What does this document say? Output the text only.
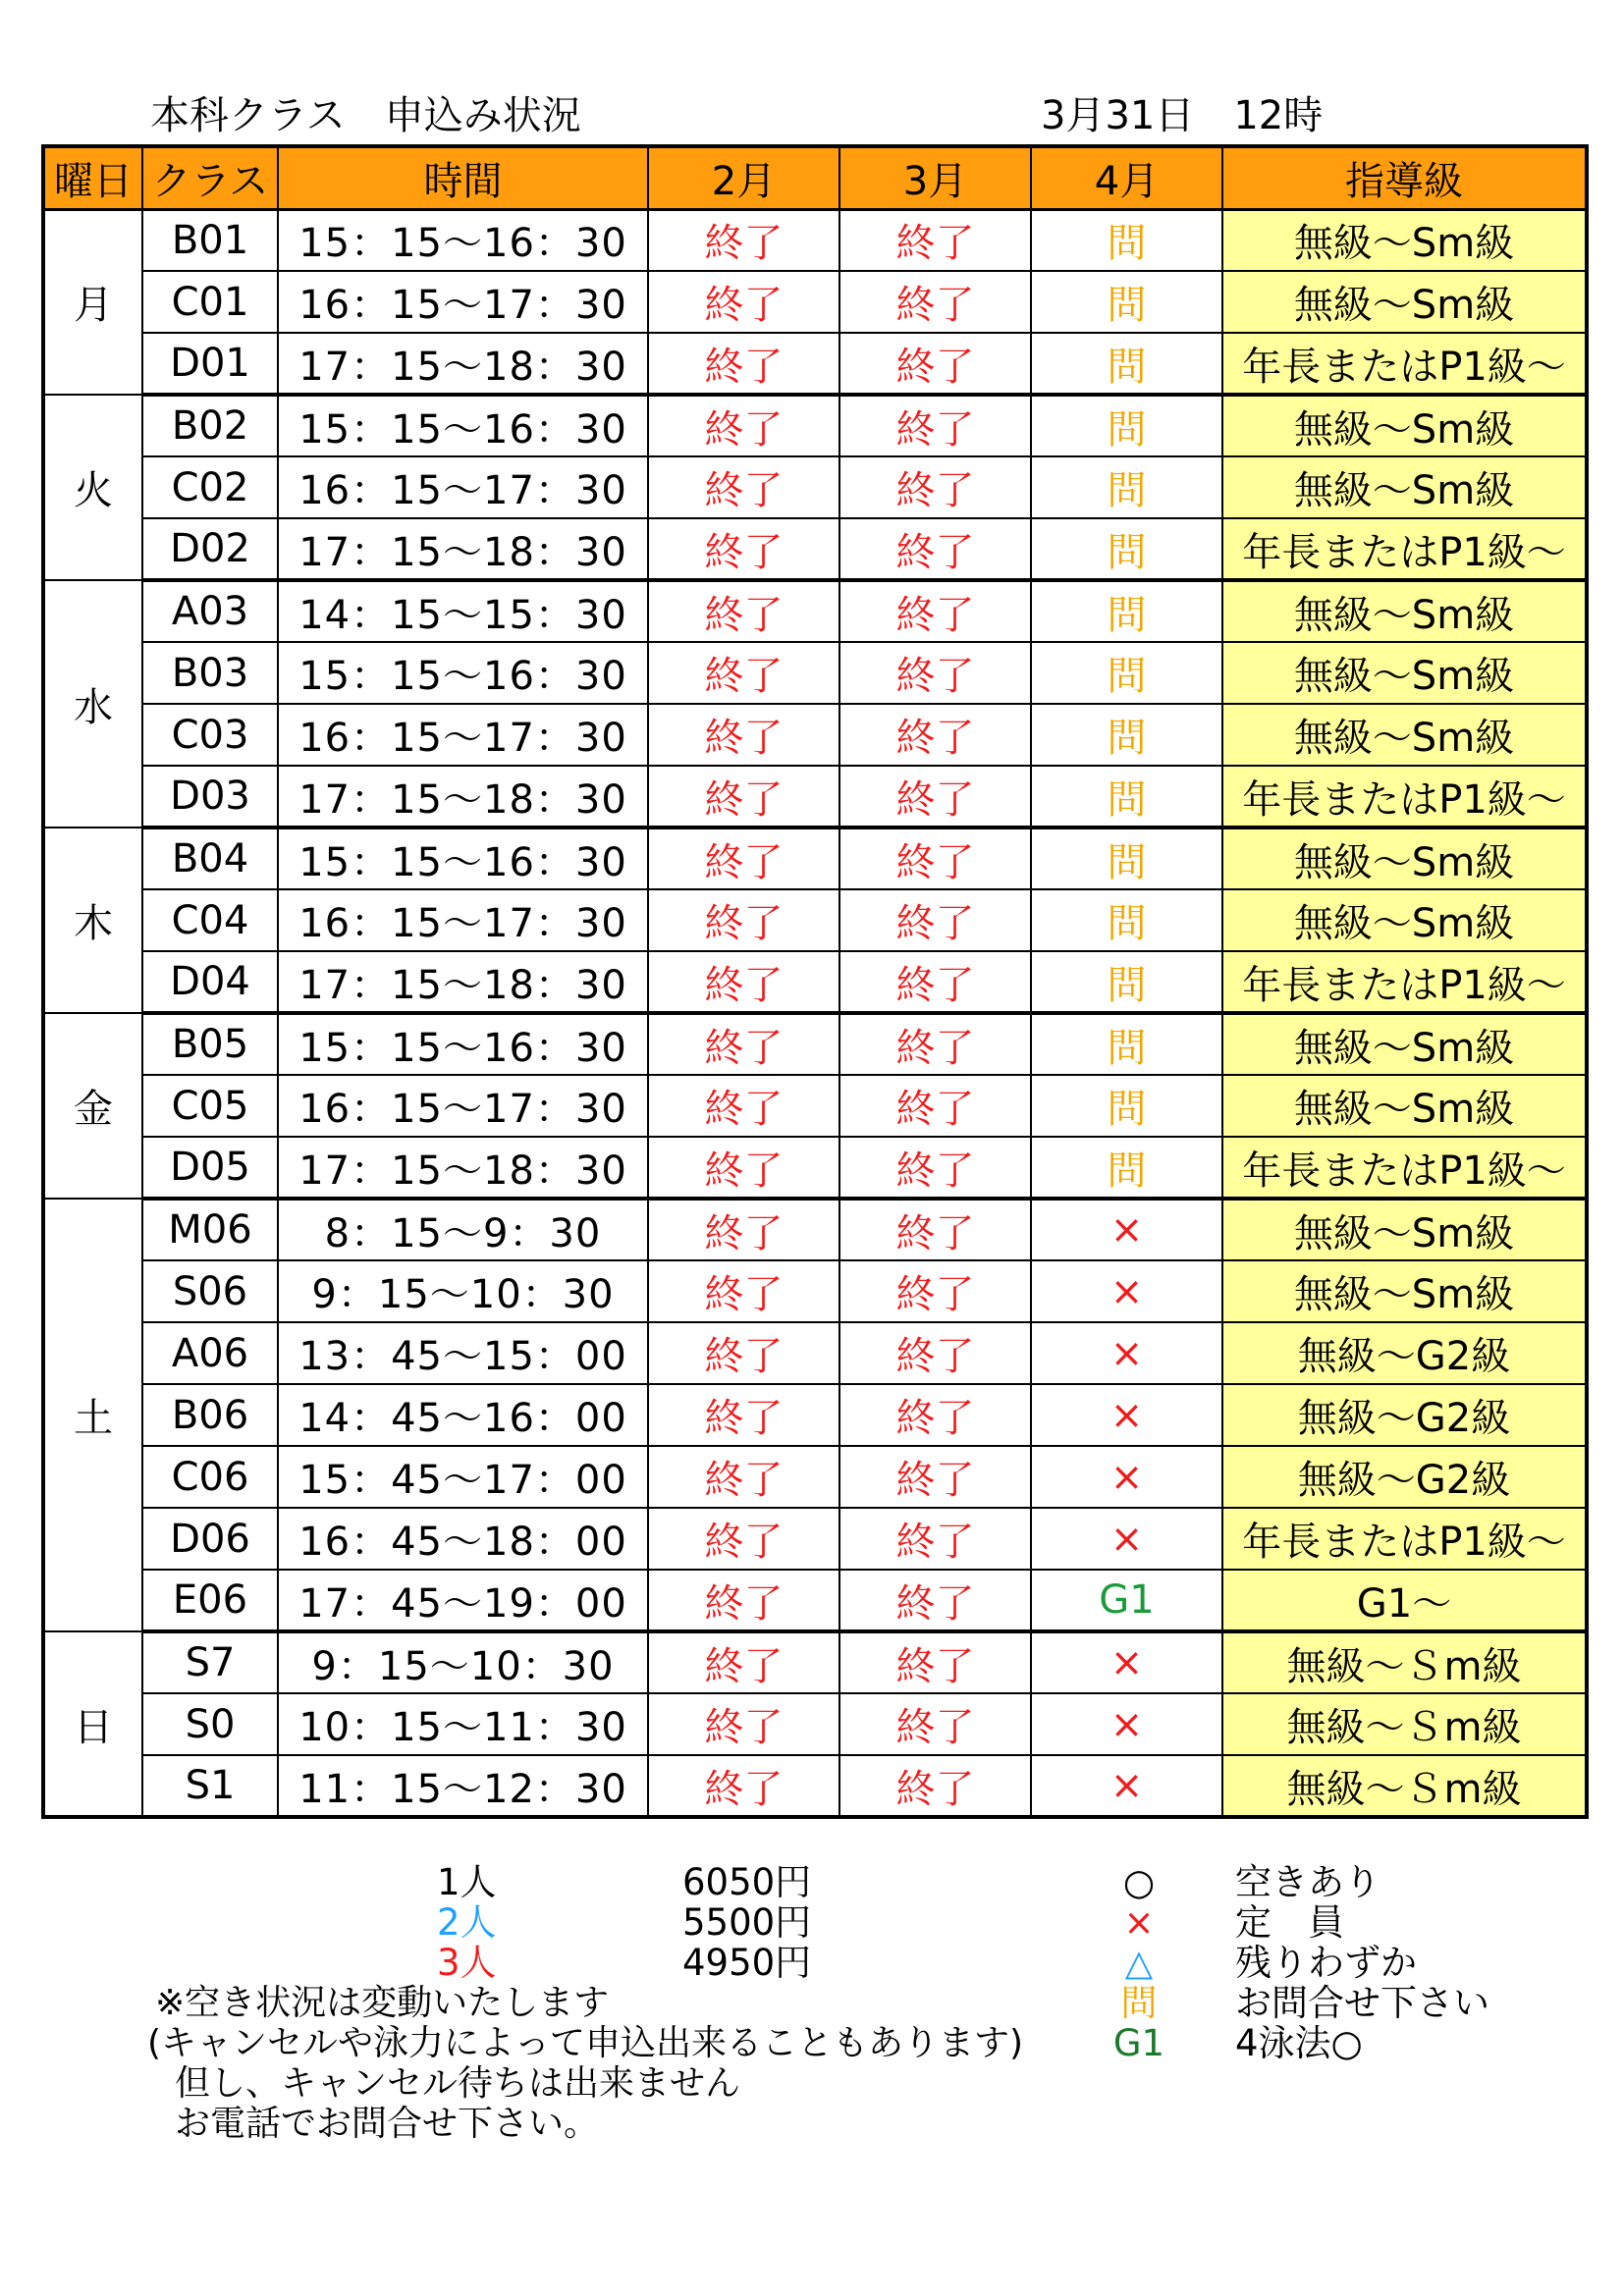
本科クラス　申込み状況	3月31日　12時
曜日	クラス	時間	2月	3月	4月	指導級
月	B01	15：15〜16：30	終了	終了	問	無級〜Sm級
	C01	16：15〜17：30	終了	終了	問	無級〜Sm級
	D01	17：15〜18：30	終了	終了	問	年長またはP1級〜
火	B02	15：15〜16：30	終了	終了	問	無級〜Sm級
	C02	16：15〜17：30	終了	終了	問	無級〜Sm級
	D02	17：15〜18：30	終了	終了	問	年長またはP1級〜
水	A03	14：15〜15：30	終了	終了	問	無級〜Sm級
	B03	15：15〜16：30	終了	終了	問	無級〜Sm級
	C03	16：15〜17：30	終了	終了	問	無級〜Sm級
	D03	17：15〜18：30	終了	終了	問	年長またはP1級〜
木	B04	15：15〜16：30	終了	終了	問	無級〜Sm級
	C04	16：15〜17：30	終了	終了	問	無級〜Sm級
	D04	17：15〜18：30	終了	終了	問	年長またはP1級〜
金	B05	15：15〜16：30	終了	終了	問	無級〜Sm級
	C05	16：15〜17：30	終了	終了	問	無級〜Sm級
	D05	17：15〜18：30	終了	終了	問	年長またはP1級〜
土	M06	8：15〜9：30	終了	終了	×	無級〜Sm級
	S06	9：15〜10：30	終了	終了	×	無級〜Sm級
	A06	13：45〜15：00	終了	終了	×	無級〜G2級
	B06	14：45〜16：00	終了	終了	×	無級〜G2級
	C06	15：45〜17：00	終了	終了	×	無級〜G2級
	D06	16：45〜18：00	終了	終了	×	年長またはP1級〜
	E06	17：45〜19：00	終了	終了	G1	G1〜
日	S7	9：15〜10：30	終了	終了	×	無級〜Ｓm級
	S0	10：15〜11：30	終了	終了	×	無級〜Ｓm級
	S1	11：15〜12：30	終了	終了	×	無級〜Ｓm級
1人	6050円
2人	5500円
3人	4950円
○	空きあり
×	定　員
△	残りわずか
問	お問合せ下さい
G1 4泳法○
※空き状況は変動いたします
(キャンセルや泳力によって申込出来ることもあります)
但し、キャンセル待ちは出来ません
お電話でお問合せ下さい。
